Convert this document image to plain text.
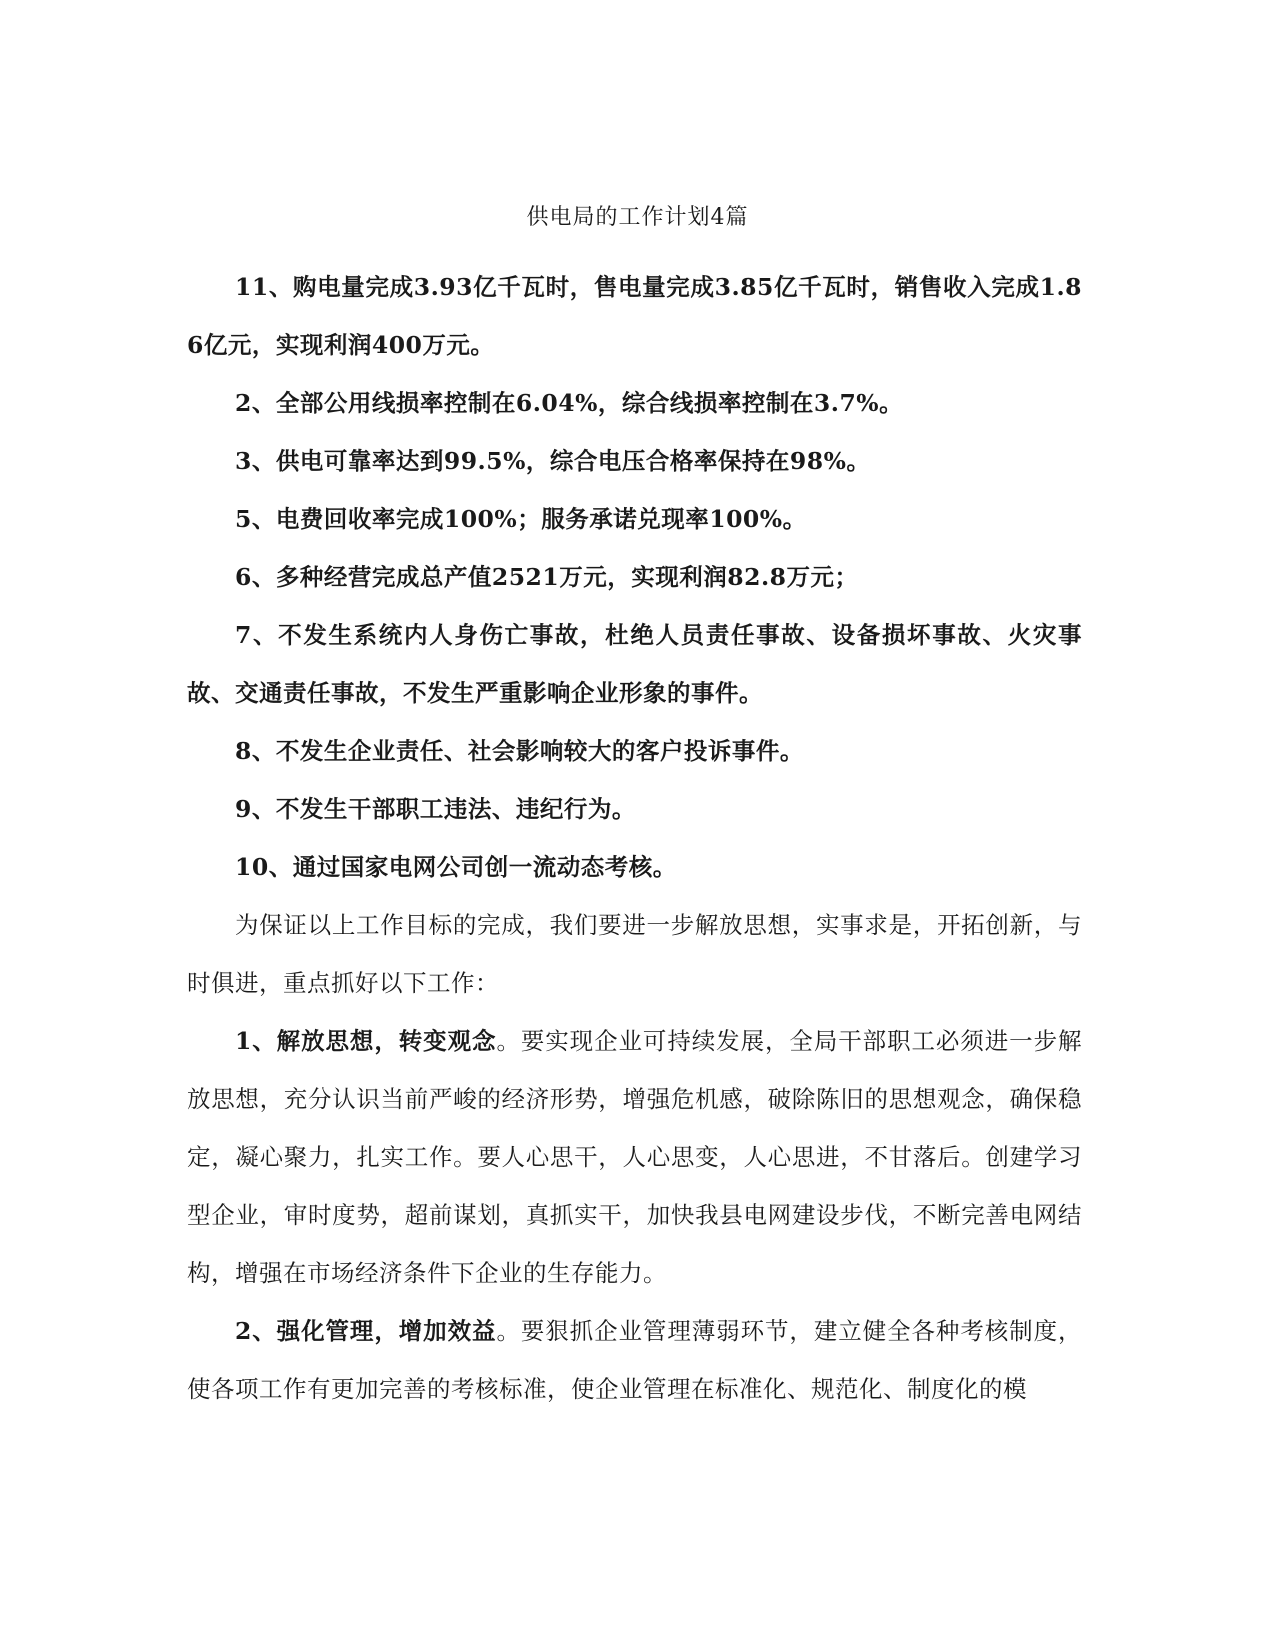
供电局的工作计划4篇

11、购电量完成3.93亿千瓦时，售电量完成3.85亿千瓦时，销售收入完成1.86亿元，实现利润400万元。

2、全部公用线损率控制在6.04%，综合线损率控制在3.7%。

3、供电可靠率达到99.5%，综合电压合格率保持在98%。

5、电费回收率完成100%；服务承诺兑现率100%。

6、多种经营完成总产值2521万元，实现利润82.8万元；

7、不发生系统内人身伤亡事故，杜绝人员责任事故、设备损坏事故、火灾事故、交通责任事故，不发生严重影响企业形象的事件。

8、不发生企业责任、社会影响较大的客户投诉事件。

9、不发生干部职工违法、违纪行为。

10、通过国家电网公司创一流动态考核。

为保证以上工作目标的完成，我们要进一步解放思想，实事求是，开拓创新，与时俱进，重点抓好以下工作：

1、解放思想，转变观念。要实现企业可持续发展，全局干部职工必须进一步解放思想，充分认识当前严峻的经济形势，增强危机感，破除陈旧的思想观念，确保稳定，凝心聚力，扎实工作。要人心思干，人心思变，人心思进，不甘落后。创建学习型企业，审时度势，超前谋划，真抓实干，加快我县电网建设步伐，不断完善电网结构，增强在市场经济条件下企业的生存能力。

2、强化管理，增加效益。要狠抓企业管理薄弱环节，建立健全各种考核制度，使各项工作有更加完善的考核标准，使企业管理在标准化、规范化、制度化的模
